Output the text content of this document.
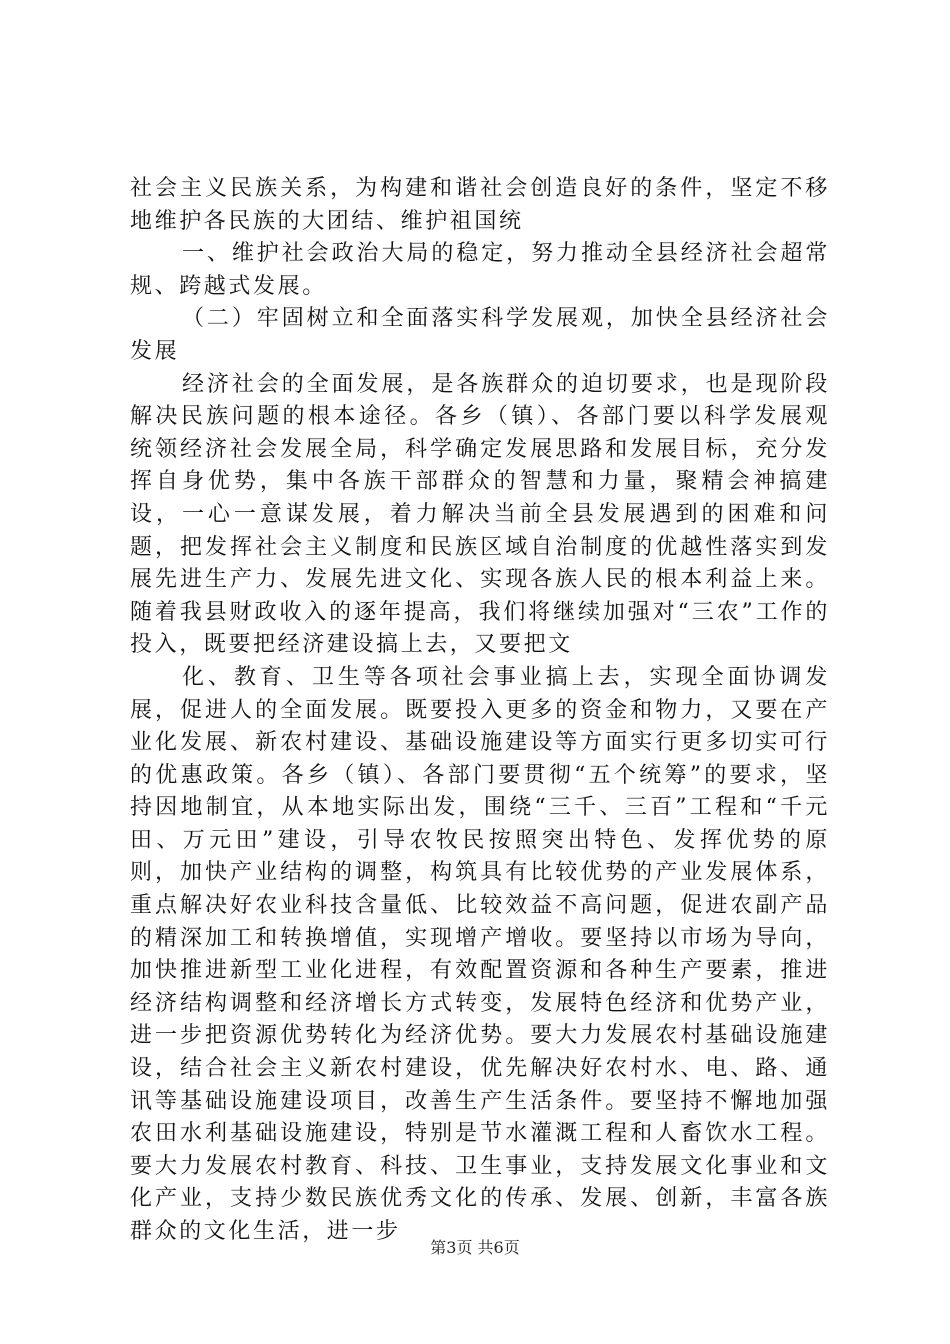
社会主义民族关系，为构建和谐社会创造良好的条件，坚定不移地维护各民族的大团结、维护祖国统

一、维护社会政治大局的稳定，努力推动全县经济社会超常规、跨越式发展。

（二）牢固树立和全面落实科学发展观，加快全县经济社会发展

经济社会的全面发展，是各族群众的迫切要求，也是现阶段解决民族问题的根本途径。各乡（镇）、各部门要以科学发展观统领经济社会发展全局，科学确定发展思路和发展目标，充分发挥自身优势，集中各族干部群众的智慧和力量，聚精会神搞建设，一心一意谋发展，着力解决当前全县发展遇到的困难和问题，把发挥社会主义制度和民族区域自治制度的优越性落实到发展先进生产力、发展先进文化、实现各族人民的根本利益上来。随着我县财政收入的逐年提高，我们将继续加强对“三农”工作的投入，既要把经济建设搞上去，又要把文

化、教育、卫生等各项社会事业搞上去，实现全面协调发展，促进人的全面发展。既要投入更多的资金和物力，又要在产业化发展、新农村建设、基础设施建设等方面实行更多切实可行的优惠政策。各乡（镇）、各部门要贯彻“五个统筹”的要求，坚持因地制宜，从本地实际出发，围绕“三千、三百”工程和“千元田、万元田”建设，引导农牧民按照突出特色、发挥优势的原则，加快产业结构的调整，构筑具有比较优势的产业发展体系，重点解决好农业科技含量低、比较效益不高问题，促进农副产品的精深加工和转换增值，实现增产增收。要坚持以市场为导向，加快推进新型工业化进程，有效配置资源和各种生产要素，推进经济结构调整和经济增长方式转变，发展特色经济和优势产业，进一步把资源优势转化为经济优势。要大力发展农村基础设施建设，结合社会主义新农村建设，优先解决好农村水、电、路、通讯等基础设施建设项目，改善生产生活条件。要坚持不懈地加强农田水利基础设施建设，特别是节水灌溉工程和人畜饮水工程。要大力发展农村教育、科技、卫生事业，支持发展文化事业和文化产业，支持少数民族优秀文化的传承、发展、创新，丰富各族群众的文化生活，进一步

第3页 共6页
